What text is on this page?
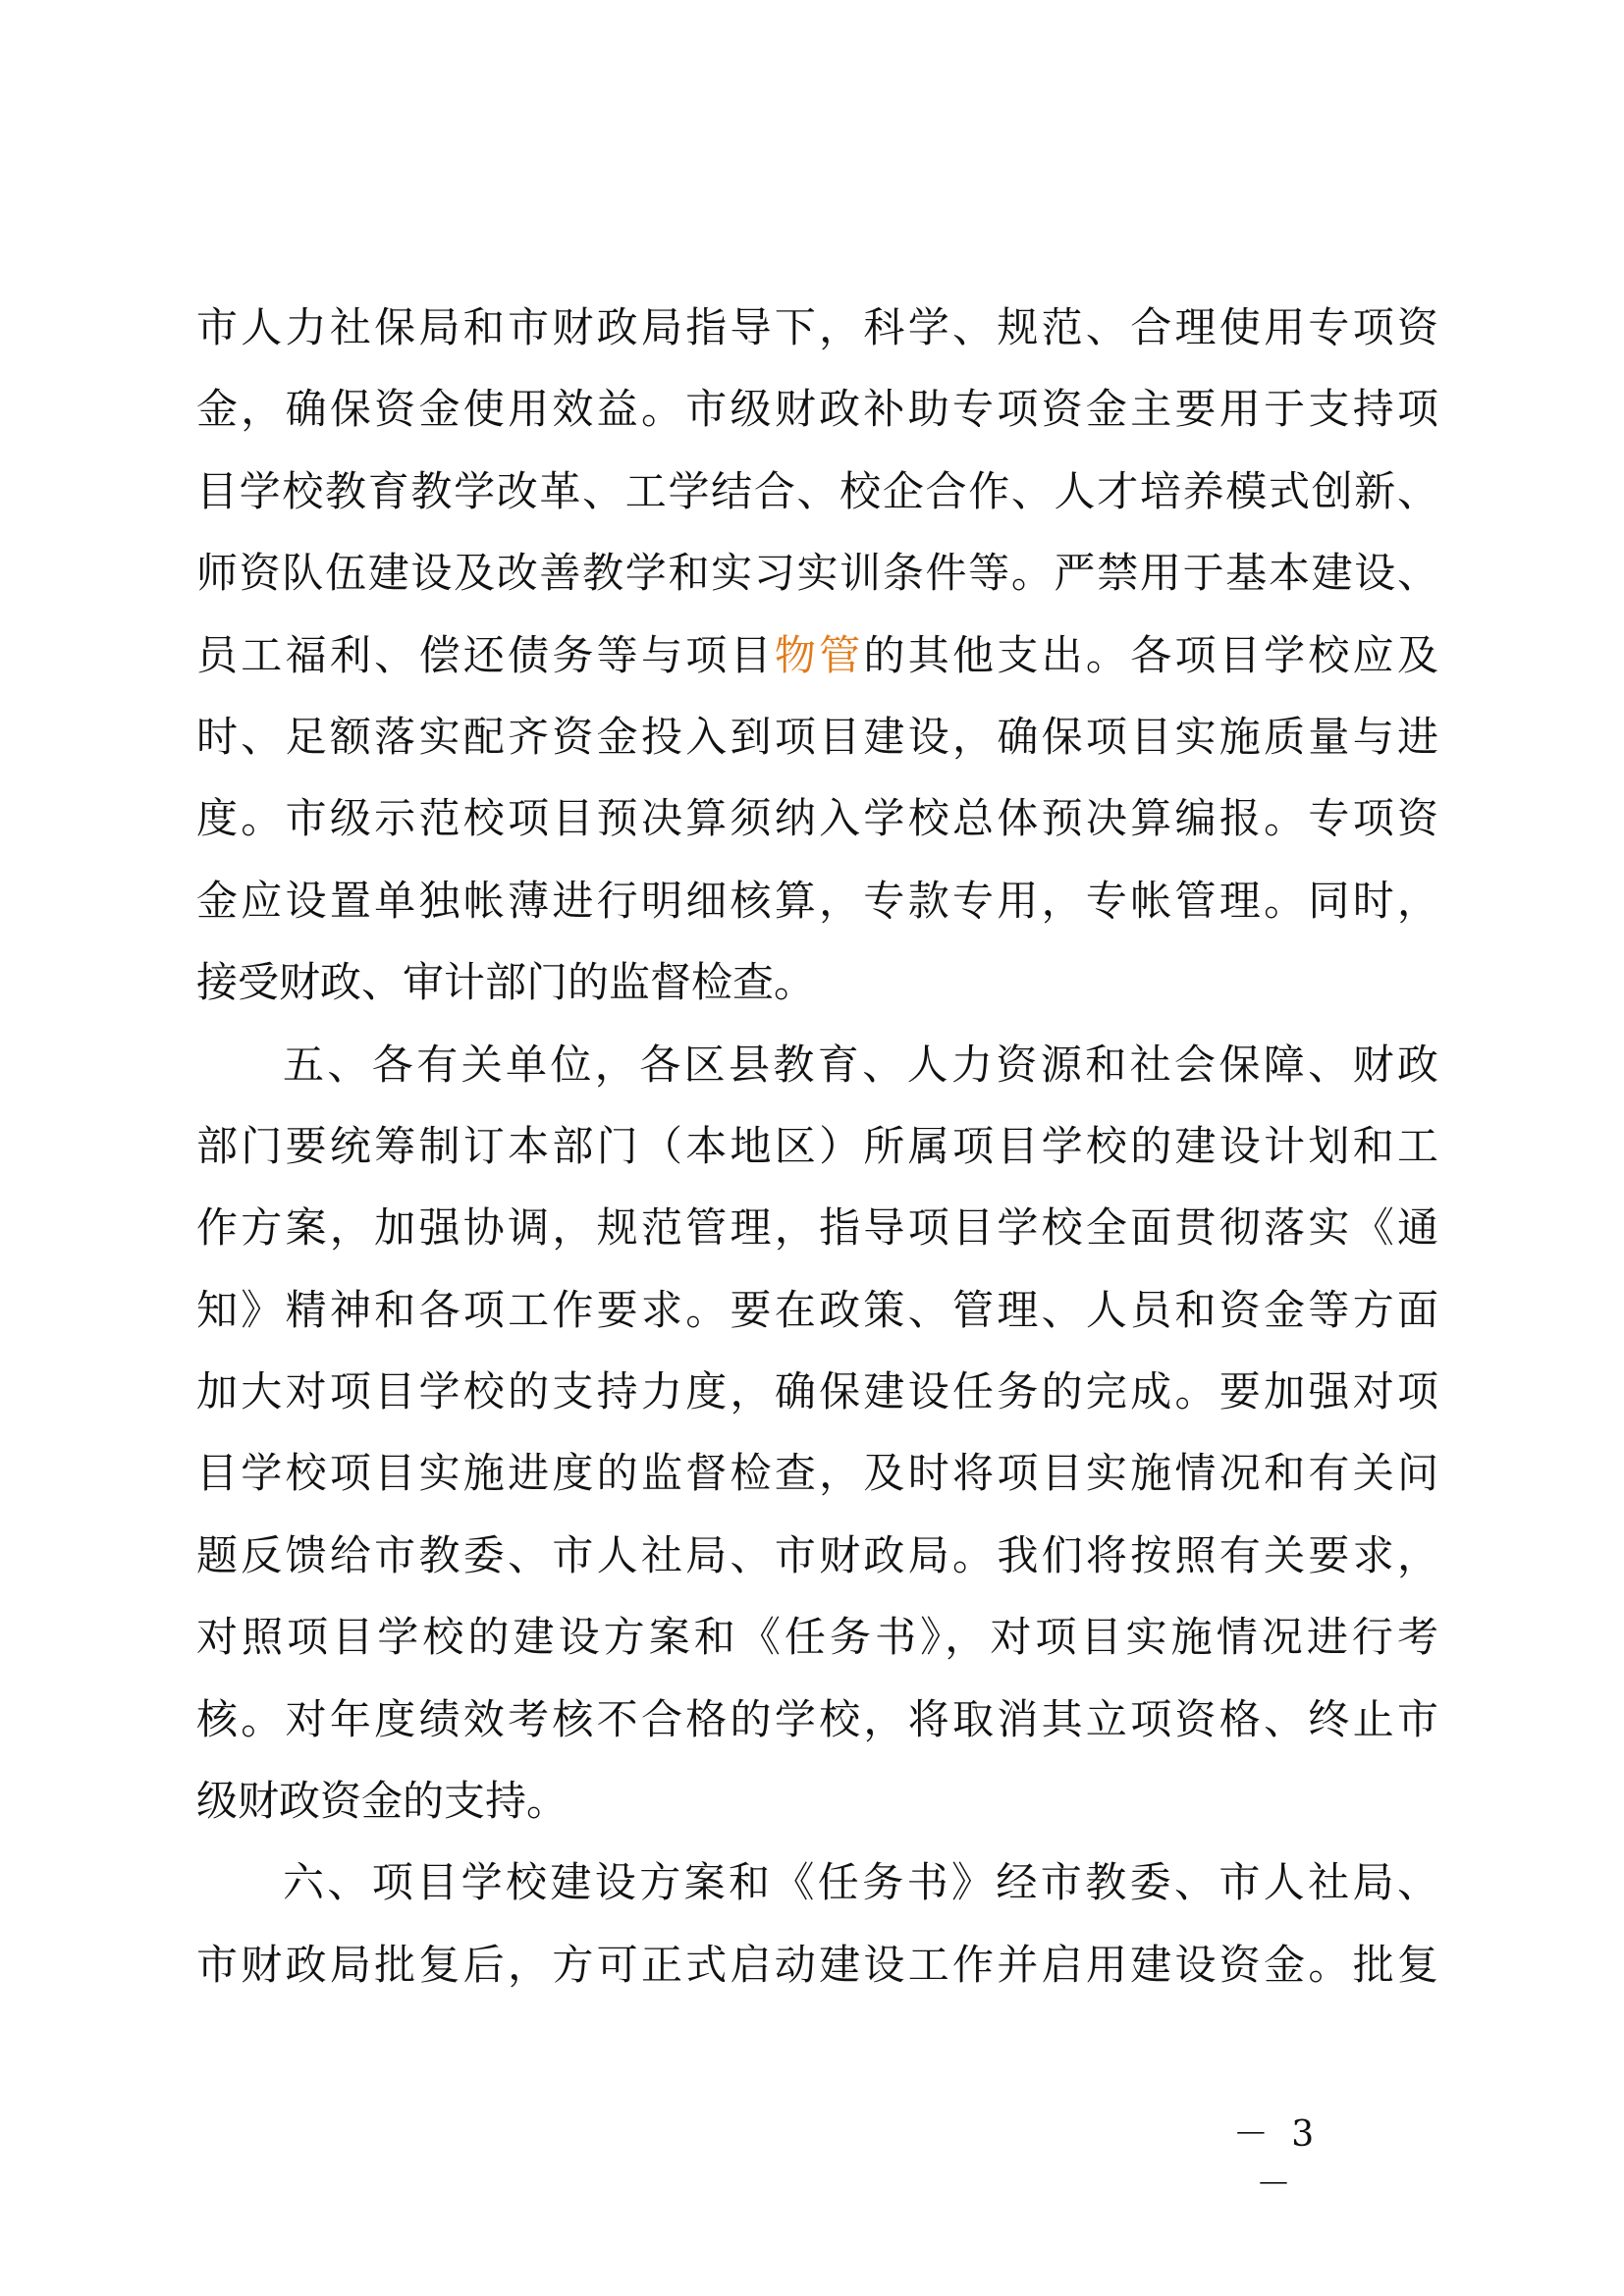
市人力社保局和市财政局指导下，科学、规范、合理使用专项资
金，确保资金使用效益。市级财政补助专项资金主要用于支持项
目学校教育教学改革、工学结合、校企合作、人才培养模式创新、
师资队伍建设及改善教学和实习实训条件等。严禁用于基本建设、
员工福利、偿还债务等与项目物管的其他支出。各项目学校应及
时、足额落实配齐资金投入到项目建设，确保项目实施质量与进
度。市级示范校项目预决算须纳入学校总体预决算编报。专项资
金应设置单独帐薄进行明细核算，专款专用，专帐管理。同时，
接受财政、审计部门的监督检查。
五、各有关单位，各区县教育、人力资源和社会保障、财政
部门要统筹制订本部门（本地区）所属项目学校的建设计划和工
作方案，加强协调，规范管理，指导项目学校全面贯彻落实《通
知》精神和各项工作要求。要在政策、管理、人员和资金等方面
加大对项目学校的支持力度，确保建设任务的完成。要加强对项
目学校项目实施进度的监督检查，及时将项目实施情况和有关问
题反馈给市教委、市人社局、市财政局。我们将按照有关要求，
对照项目学校的建设方案和《任务书》，对项目实施情况进行考
核。对年度绩效考核不合格的学校，将取消其立项资格、终止市
级财政资金的支持。
六、项目学校建设方案和《任务书》经市教委、市人社局、
市财政局批复后，方可正式启动建设工作并启用建设资金。批复
－ 3 －
